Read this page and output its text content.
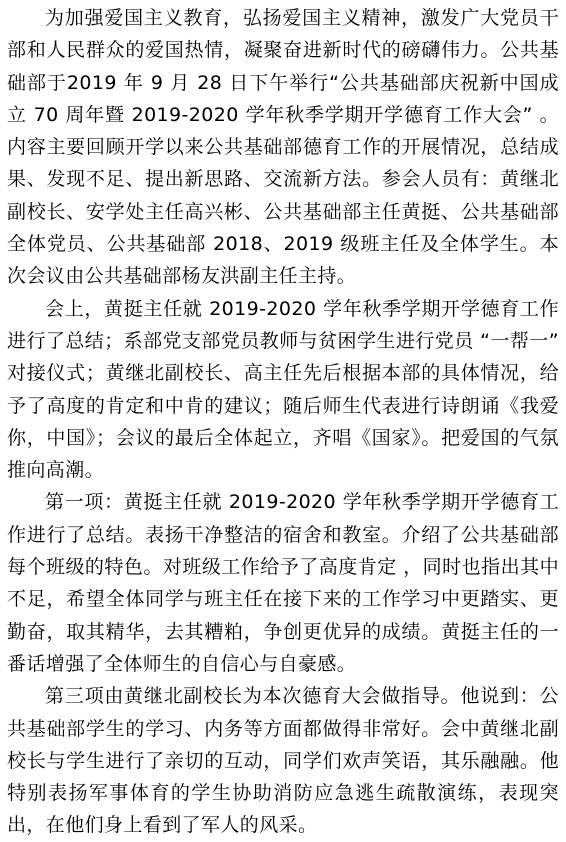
为加强爱国主义教育，弘扬爱国主义精神，激发广大党员干部和人民群众的爱国热情，凝聚奋进新时代的磅礴伟力。公共基础部于2019 年 9 月 28 日下午举行“公共基础部庆祝新中国成立 70 周年暨 2019-2020 学年秋季学期开学德育工作大会” 。内容主要回顾开学以来公共基础部德育工作的开展情况，总结成果、发现不足、提出新思路、交流新方法。参会人员有：黄继北副校长、安学处主任高兴彬、公共基础部主任黄挺、公共基础部全体党员、公共基础部 2018、2019 级班主任及全体学生。本次会议由公共基础部杨友洪副主任主持。

会上，黄挺主任就 2019-2020 学年秋季学期开学德育工作进行了总结；系部党支部党员教师与贫困学生进行党员 “一帮一” 对接仪式；黄继北副校长、高主任先后根据本部的具体情况，给予了高度的肯定和中肯的建议；随后师生代表进行诗朗诵《我爱你，中国》；会议的最后全体起立，齐唱《国家》。把爱国的气氛推向高潮。

第一项：黄挺主任就 2019-2020 学年秋季学期开学德育工作进行了总结。表扬干净整洁的宿舍和教室。介绍了公共基础部每个班级的特色。对班级工作给予了高度肯定 ，同时也指出其中不足，希望全体同学与班主任在接下来的工作学习中更踏实、更勤奋，取其精华，去其糟粕，争创更优异的成绩。黄挺主任的一番话增强了全体师生的自信心与自豪感。

第三项由黄继北副校长为本次德育大会做指导。他说到：公共基础部学生的学习、内务等方面都做得非常好。会中黄继北副校长与学生进行了亲切的互动，同学们欢声笑语，其乐融融。他特别表扬军事体育的学生协助消防应急逃生疏散演练，表现突出，在他们身上看到了军人的风采。
